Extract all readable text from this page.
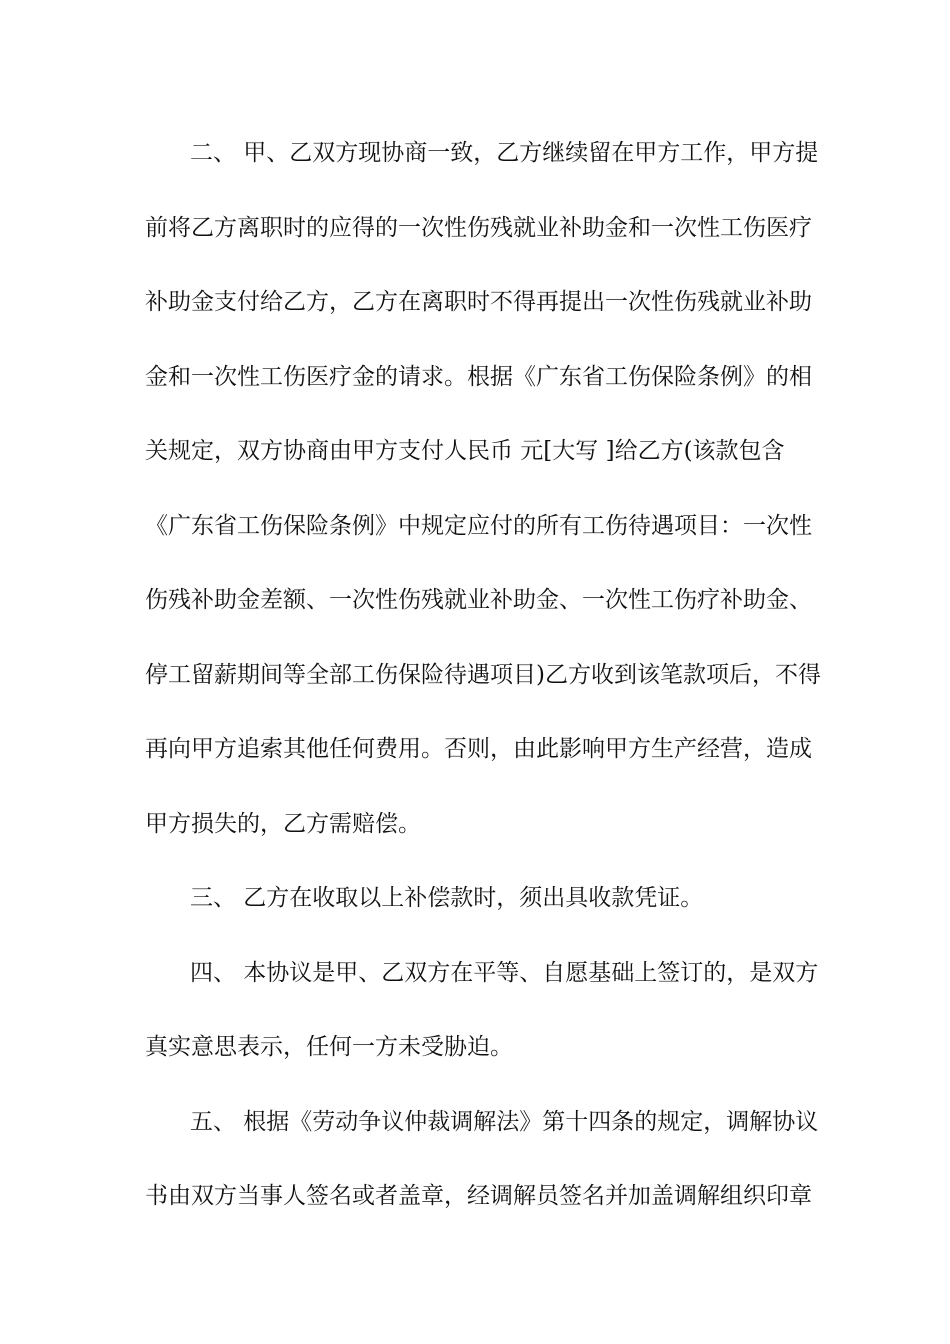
二、 甲、乙双方现协商一致，乙方继续留在甲方工作，甲方提
前将乙方离职时的应得的一次性伤残就业补助金和一次性工伤医疗
补助金支付给乙方，乙方在离职时不得再提出一次性伤残就业补助
金和一次性工伤医疗金的请求。根据《广东省工伤保险条例》的相
关规定，双方协商由甲方支付人民币 元[大写 ]给乙方(该款包含
《广东省工伤保险条例》中规定应付的所有工伤待遇项目：一次性
伤残补助金差额、一次性伤残就业补助金、一次性工伤疗补助金、
停工留薪期间等全部工伤保险待遇项目)乙方收到该笔款项后，不得
再向甲方追索其他任何费用。否则，由此影响甲方生产经营，造成
甲方损失的，乙方需赔偿。
三、 乙方在收取以上补偿款时，须出具收款凭证。
四、 本协议是甲、乙双方在平等、自愿基础上签订的，是双方
真实意思表示，任何一方未受胁迫。
五、 根据《劳动争议仲裁调解法》第十四条的规定，调解协议
书由双方当事人签名或者盖章，经调解员签名并加盖调解组织印章
